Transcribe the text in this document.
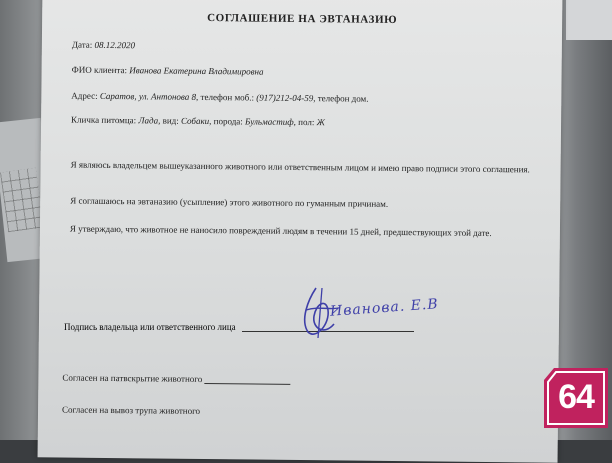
СОГЛАШЕНИЕ НА ЭВТАНАЗИЮ
Дата: 08.12.2020
ФИО клиента: Иванова Екатерина Владимировна
Адрес: Саратов, ул. Антонова 8, телефон моб.: (917)212-04-59, телефон дом.
Кличка питомца: Лада, вид: Собаки, порода: Бульмастиф, пол: Ж
Я являюсь владельцем вышеуказанного животного или ответственным лицом и имею право подписи этого соглашения.
Я соглашаюсь на эвтаназию (усыпление) этого животного по гуманным причинам.
Я утверждаю, что животное не наносило повреждений людям в течении 15 дней, предшествующих этой дате.
Согласен на патвскрытие животного
Согласен на вывоз трупа животного
Подпись владельца или ответственного лица
Иванова. Е.В
64
